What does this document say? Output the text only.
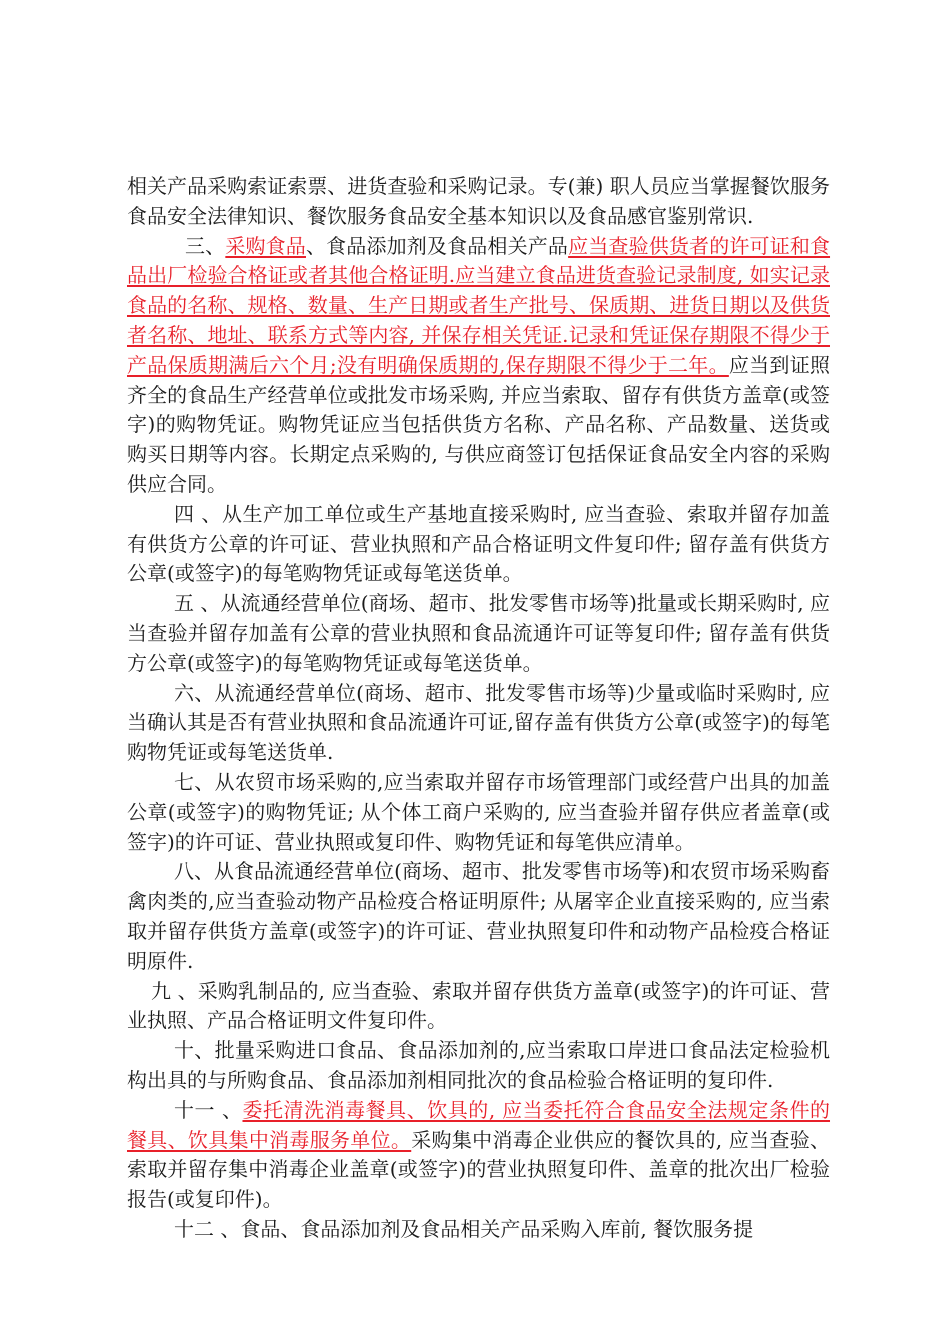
相关产品采购索证索票、进货查验和采购记录。专(兼) 职人员应当掌握餐饮服务食品安全法律知识、餐饮服务食品安全基本知识以及食品感官鉴别常识.

三、采购食品、食品添加剂及食品相关产品应当查验供货者的许可证和食品出厂检验合格证或者其他合格证明.应当建立食品进货查验记录制度, 如实记录食品的名称、规格、数量、生产日期或者生产批号、保质期、进货日期以及供货者名称、地址、联系方式等内容, 并保存相关凭证.记录和凭证保存期限不得少于产品保质期满后六个月;没有明确保质期的,保存期限不得少于二年。应当到证照齐全的食品生产经营单位或批发市场采购, 并应当索取、留存有供货方盖章(或签字)的购物凭证。购物凭证应当包括供货方名称、产品名称、产品数量、送货或购买日期等内容。长期定点采购的, 与供应商签订包括保证食品安全内容的采购供应合同。

四 、从生产加工单位或生产基地直接采购时, 应当查验、索取并留存加盖有供货方公章的许可证、营业执照和产品合格证明文件复印件; 留存盖有供货方公章(或签字)的每笔购物凭证或每笔送货单。

五 、从流通经营单位(商场、超市、批发零售市场等)批量或长期采购时, 应当查验并留存加盖有公章的营业执照和食品流通许可证等复印件; 留存盖有供货方公章(或签字)的每笔购物凭证或每笔送货单。

六、从流通经营单位(商场、超市、批发零售市场等)少量或临时采购时, 应当确认其是否有营业执照和食品流通许可证,留存盖有供货方公章(或签字)的每笔购物凭证或每笔送货单.

七、从农贸市场采购的,应当索取并留存市场管理部门或经营户出具的加盖公章(或签字)的购物凭证; 从个体工商户采购的, 应当查验并留存供应者盖章(或签字)的许可证、营业执照或复印件、购物凭证和每笔供应清单。

八、从食品流通经营单位(商场、超市、批发零售市场等)和农贸市场采购畜禽肉类的,应当查验动物产品检疫合格证明原件; 从屠宰企业直接采购的, 应当索取并留存供货方盖章(或签字)的许可证、营业执照复印件和动物产品检疫合格证明原件.

九 、采购乳制品的, 应当查验、索取并留存供货方盖章(或签字)的许可证、营业执照、产品合格证明文件复印件。

十、批量采购进口食品、食品添加剂的,应当索取口岸进口食品法定检验机构出具的与所购食品、食品添加剂相同批次的食品检验合格证明的复印件.

十一 、委托清洗消毒餐具、饮具的, 应当委托符合食品安全法规定条件的餐具、饮具集中消毒服务单位。采购集中消毒企业供应的餐饮具的, 应当查验、索取并留存集中消毒企业盖章(或签字)的营业执照复印件、盖章的批次出厂检验报告(或复印件)。

十二 、食品、食品添加剂及食品相关产品采购入库前, 餐饮服务提
